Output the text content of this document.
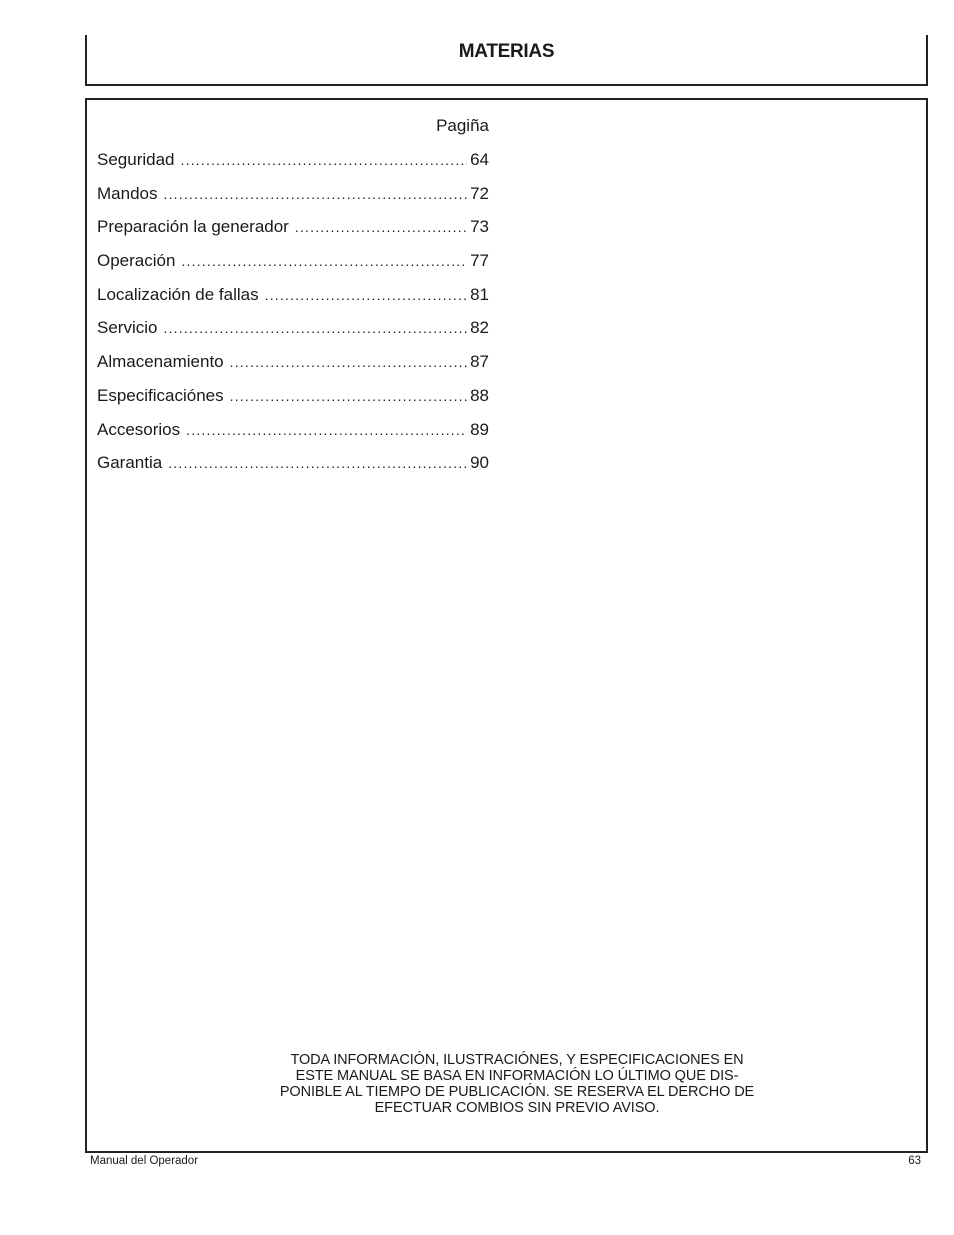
MATERIAS
Pagiña
Seguridad .....	64
Mandos .....	72
Preparación la generador .....	73
Operación .....	77
Localización de fallas .....	81
Servicio .....	82
Almacenamiento .....	87
Especificaciónes .....	88
Accesorios .....	89
Garantia .....	90
TODA INFORMACIÓN, ILUSTRACIÓNES, Y ESPECIFICACIONES EN
ESTE MANUAL SE BASA EN INFORMACIÓN LO ÚLTIMO QUE DIS-
PONIBLE AL TIEMPO DE PUBLICACIÓN. SE RESERVA EL DERCHO DE
EFECTUAR COMBIOS SIN PREVIO AVISO.
Manual del Operador	63
